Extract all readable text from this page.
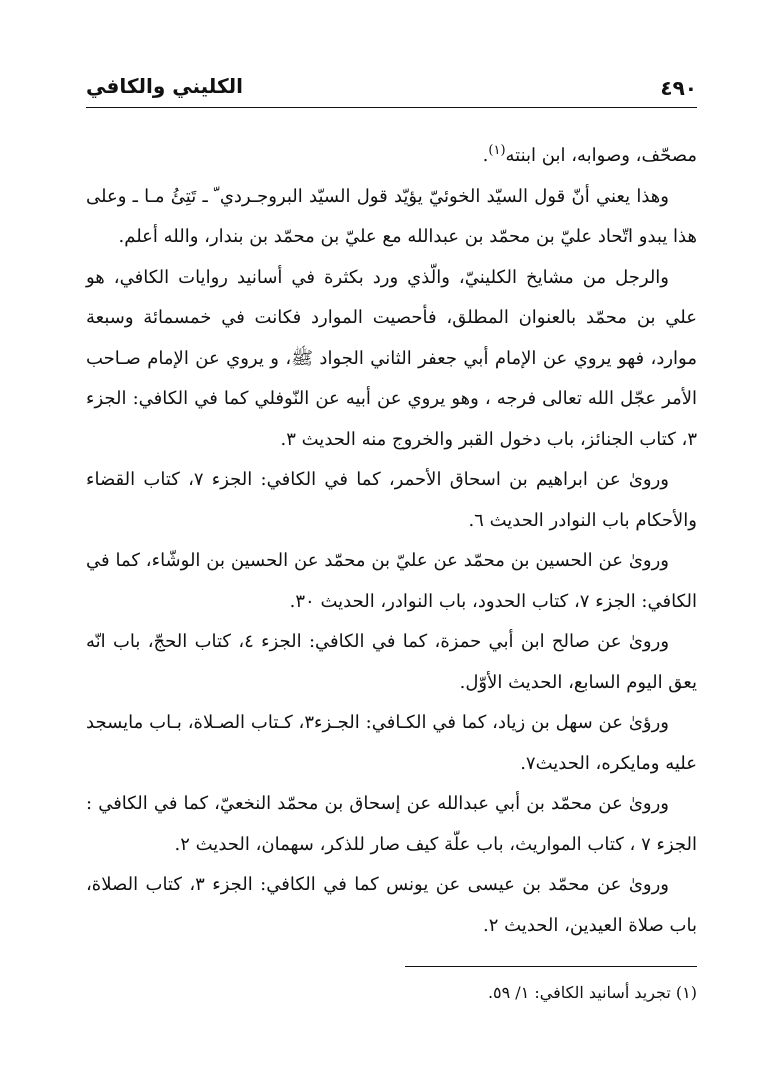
٤٩٠
الكليني والكافي

مصحّف، وصوابه، ابن ابنته$^{(١)}$.

وهذا يعني أنّ قول السيّد الخوئيّ يؤيّد قول السيّد البروجـردي ّ ـ تَتِئُ مـا ـ وعلى هذا يبدو اتّحاد عليّ بن محمّد بن عبدالله مع عليّ بن محمّد بن بندار، والله أعلم.

والرجل من مشايخ الكلينيّ، والّذي ورد بكثرة في أسانيد روايات الكافي، هو علي بن محمّد بالعنوان المطلق، فأحصيت الموارد فكانت في خمسمائة وسبعة موارد، فهو يروي عن الإمام أبي جعفر الثاني الجواد ﷺ، و يروي عن الإمام صـاحب الأمر عجّل الله تعالى فرجه ، وهو يروي عن أبيه عن النّوفلي كما في الكافي: الجزء ٣، كتاب الجنائز، باب دخول القبر والخروج منه الحديث ٣.

وروىٰ عن ابراهيم بن اسحاق الأحمر، كما في الكافي: الجزء ٧، كتاب القضاء والأحكام باب النوادر الحديث ٦.

وروىٰ عن الحسين بن محمّد عن عليّ بن محمّد عن الحسين بن الوشّاء، كما في الكافي: الجزء ٧، كتاب الحدود، باب النوادر، الحديث ٣٠.

وروىٰ عن صالح ابن أبي حمزة، كما في الكافي: الجزء ٤، كتاب الحجّ، باب انّه يعق اليوم السابع، الحديث الأوّل.

ورؤىٰ عن سهل بن زياد، كما في الكـافي: الجـزء٣، كـتاب الصـلاة، بـاب مايسجد عليه ومايكره، الحديث٧.

وروىٰ عن محمّد بن أبي عبدالله عن إسحاق بن محمّد النخعيّ، كما في الكافي : الجزء ٧ ، كتاب المواريث، باب علّة كيف صار للذكر، سهمان، الحديث ٢.

وروىٰ عن محمّد بن عيسى عن يونس كما في الكافي: الجزء ٣، كتاب الصلاة، باب صلاة العيدين، الحديث ٢.

(١) تجريد أسانيد الكافي: ١/ ٥٩.
